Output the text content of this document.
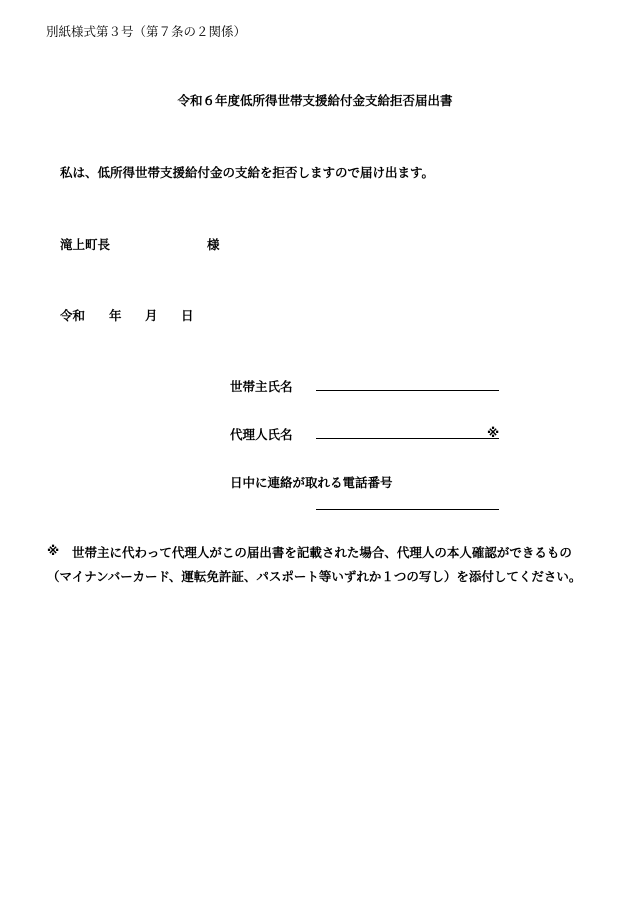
別紙様式第３号（第７条の２関係）
令和６年度低所得世帯支援給付金支給拒否届出書
私は、低所得世帯支援給付金の支給を拒否しますので届け出ます。
滝上町長	様
令和 年 月 日
世帯主氏名
代理人氏名	※
日中に連絡が取れる電話番号
※ 世帯主に代わって代理人がこの届出書を記載された場合、代理人の本人確認ができるもの
（マイナンバーカード、運転免許証、パスポート等いずれか１つの写し）を添付してください。
